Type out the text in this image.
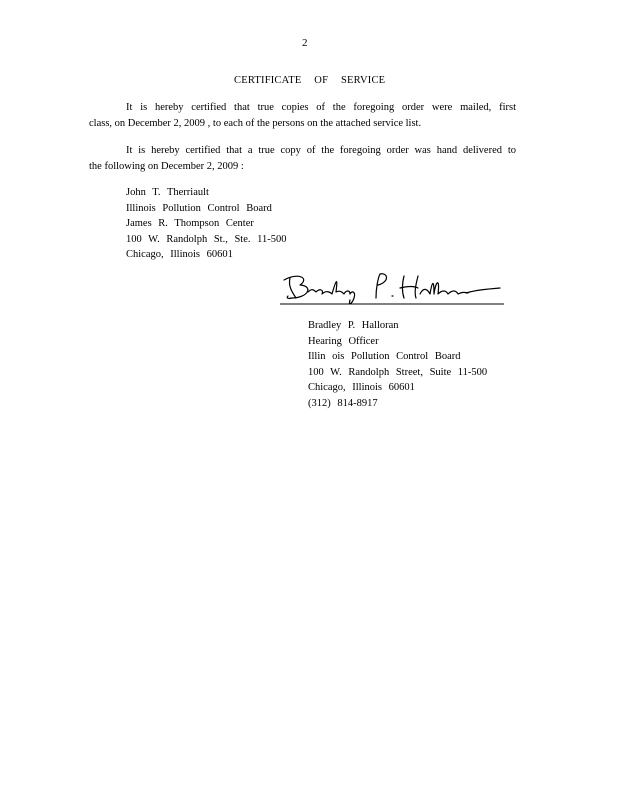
2
CERTIFICATE OF SERVICE
It is hereby certified that true copies of the foregoing order were mailed, first
class, on December 2, 2009 , to each of the persons on the attached service list.
It is hereby certified that a true copy of the foregoing order was hand delivered to
the following on December 2, 2009 :
John T. Therriault
Illinois Pollution Control Board
James R. Thompson Center
100 W. Randolph St., Ste. 11-500
Chicago, Illinois 60601
Bradley P. Halloran
Hearing Officer
Illin ois Pollution Control Board
100 W. Randolph Street, Suite 11-500
Chicago, Illinois 60601
(312) 814-8917
